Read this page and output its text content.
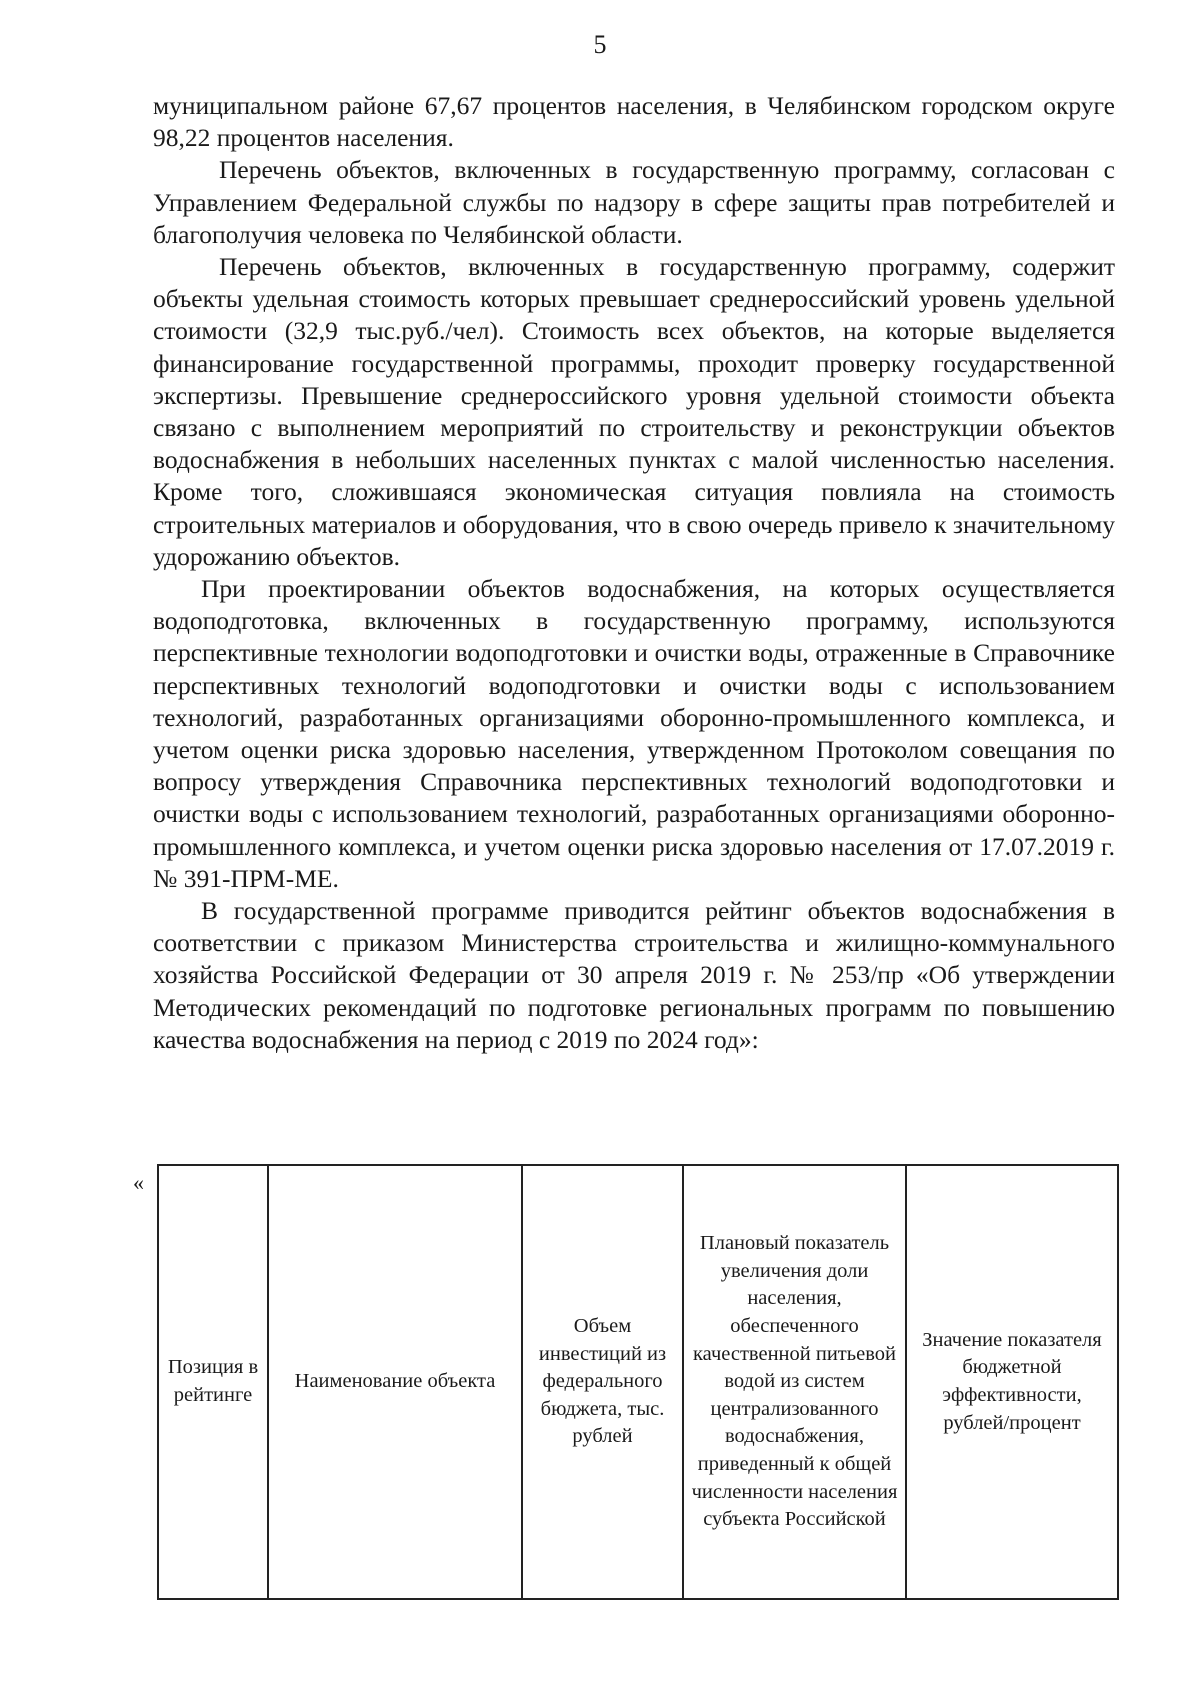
5

муниципальном районе 67,67 процентов населения, в Челябинском городском округе 98,22 процентов населения.

Перечень объектов, включенных в государственную программу, согласован с Управлением Федеральной службы по надзору в сфере защиты прав потребителей и благополучия человека по Челябинской области.

Перечень объектов, включенных в государственную программу, содержит объекты удельная стоимость которых превышает среднероссийский уровень удельной стоимости (32,9 тыс.руб./чел). Стоимость всех объектов, на которые выделяется финансирование государственной программы, проходит проверку государственной экспертизы. Превышение среднероссийского уровня удельной стоимости объекта связано с выполнением мероприятий по строительству и реконструкции объектов водоснабжения в небольших населенных пунктах с малой численностью населения. Кроме того, сложившаяся экономическая ситуация повлияла на стоимость строительных материалов и оборудования, что в свою очередь привело к значительному удорожанию объектов.

При проектировании объектов водоснабжения, на которых осуществляется водоподготовка, включенных в государственную программу, используются перспективные технологии водоподготовки и очистки воды, отраженные в Справочнике перспективных технологий водоподготовки и очистки воды с использованием технологий, разработанных организациями оборонно-промышленного комплекса, и учетом оценки риска здоровью населения, утвержденном Протоколом совещания по вопросу утверждения Справочника перспективных технологий водоподготовки и очистки воды с использованием технологий, разработанных организациями оборонно-промышленного комплекса, и учетом оценки риска здоровью населения от 17.07.2019 г. № 391-ПРМ-МЕ.

В государственной программе приводится рейтинг объектов водоснабжения в соответствии с приказом Министерства строительства и жилищно-коммунального хозяйства Российской Федерации от 30 апреля 2019 г. № 253/пр «Об утверждении Методических рекомендаций по подготовке региональных программ по повышению качества водоснабжения на период с 2019 по 2024 год»:

«
Позиция в рейтинге	Наименование объекта	Объем инвестиций из федерального бюджета, тыс. рублей	Плановый показатель увеличения доли населения, обеспеченного качественной питьевой водой из систем централизованного водоснабжения, приведенный к общей численности населения субъекта Российской	Значение показателя бюджетной эффективности, рублей/процент
